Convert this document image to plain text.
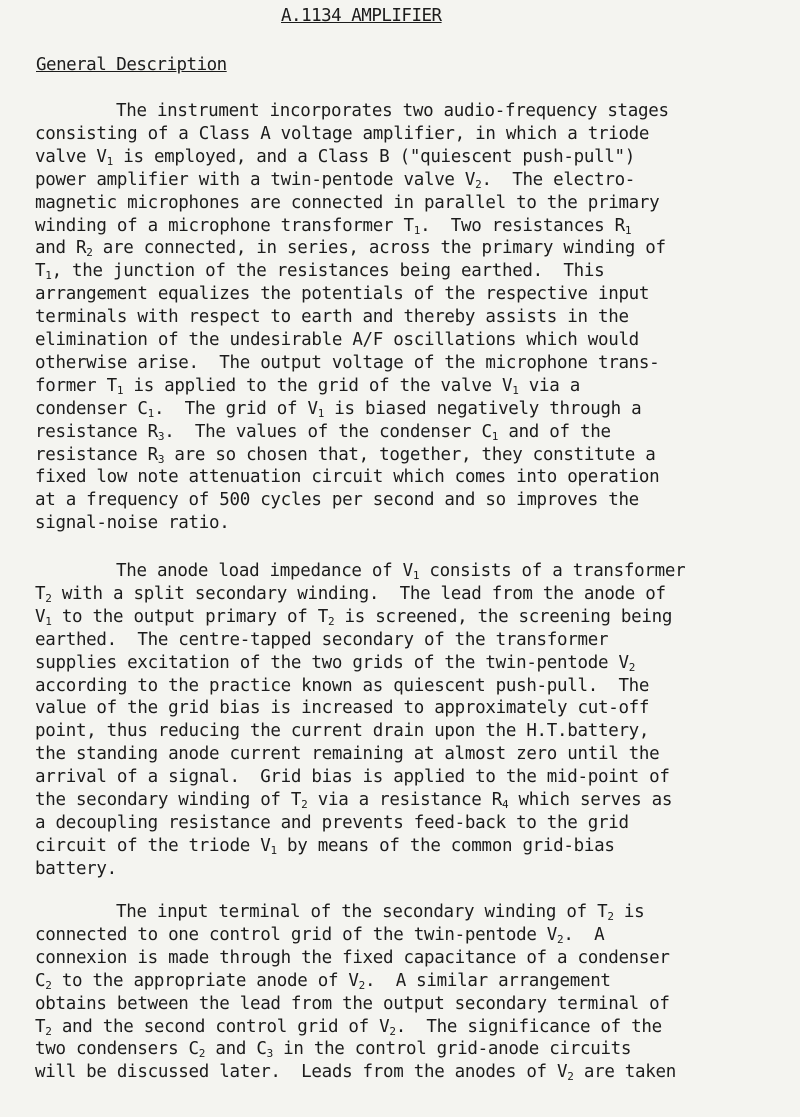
A.1134 AMPLIFIER
General Description

The instrument incorporates two audio-frequency stages

consisting of a Class A voltage amplifier, in which a triode

valve $V_1$ is employed, and a Class B ("quiescent push-pull")

power amplifier with a twin-pentode valve $V_2$.  The electro-

magnetic microphones are connected in parallel to the primary

winding of a microphone transformer $T_1$.  Two resistances $R_1$

and $R_2$ are connected, in series, across the primary winding of

$T_1$, the junction of the resistances being earthed.  This

arrangement equalizes the potentials of the respective input

terminals with respect to earth and thereby assists in the

elimination of the undesirable A/F oscillations which would

otherwise arise.  The output voltage of the microphone trans-

former $T_1$ is applied to the grid of the valve $V_1$ via a

condenser $C_1$.  The grid of $V_1$ is biased negatively through a

resistance $R_3$.  The values of the condenser $C_1$ and of the

resistance $R_3$ are so chosen that, together, they constitute a

fixed low note attenuation circuit which comes into operation

at a frequency of 500 cycles per second and so improves the

signal-noise ratio.

The anode load impedance of $V_1$ consists of a transformer

$T_2$ with a split secondary winding.  The lead from the anode of

$V_1$ to the output primary of $T_2$ is screened, the screening being

earthed.  The centre-tapped secondary of the transformer

supplies excitation of the two grids of the twin-pentode $V_2$

according to the practice known as quiescent push-pull.  The

value of the grid bias is increased to approximately cut-off

point, thus reducing the current drain upon the H.T.battery,

the standing anode current remaining at almost zero until the

arrival of a signal.  Grid bias is applied to the mid-point of

the secondary winding of $T_2$ via a resistance $R_4$ which serves as

a decoupling resistance and prevents feed-back to the grid

circuit of the triode $V_1$ by means of the common grid-bias

battery.

The input terminal of the secondary winding of $T_2$ is

connected to one control grid of the twin-pentode $V_2$.  A

connexion is made through the fixed capacitance of a condenser

$C_2$ to the appropriate anode of $V_2$.  A similar arrangement

obtains between the lead from the output secondary terminal of

$T_2$ and the second control grid of $V_2$.  The significance of the

two condensers $C_2$ and $C_3$ in the control grid-anode circuits

will be discussed later.  Leads from the anodes of $V_2$ are taken
